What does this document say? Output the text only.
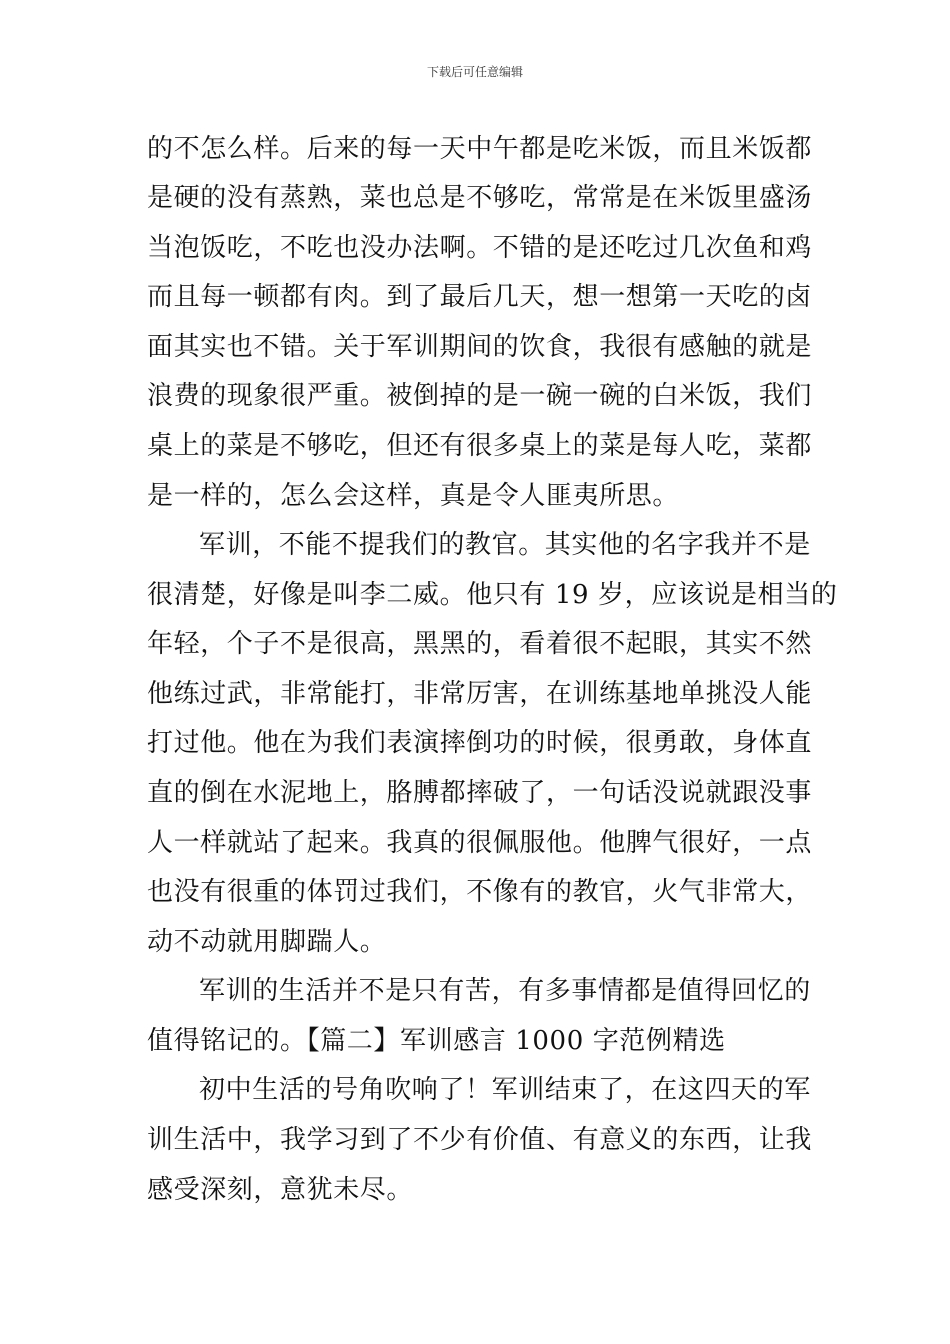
下载后可任意编辑
的不怎么样。后来的每一天中午都是吃米饭，而且米饭都
是硬的没有蒸熟，菜也总是不够吃，常常是在米饭里盛汤
当泡饭吃，不吃也没办法啊。不错的是还吃过几次鱼和鸡
而且每一顿都有肉。到了最后几天，想一想第一天吃的卤
面其实也不错。关于军训期间的饮食，我很有感触的就是
浪费的现象很严重。被倒掉的是一碗一碗的白米饭，我们
桌上的菜是不够吃，但还有很多桌上的菜是每人吃，菜都
是一样的，怎么会这样，真是令人匪夷所思。
军训，不能不提我们的教官。其实他的名字我并不是
很清楚，好像是叫李二威。他只有 19 岁，应该说是相当的
年轻，个子不是很高，黑黑的，看着很不起眼，其实不然
他练过武，非常能打，非常厉害，在训练基地单挑没人能
打过他。他在为我们表演摔倒功的时候，很勇敢，身体直
直的倒在水泥地上，胳膊都摔破了，一句话没说就跟没事
人一样就站了起来。我真的很佩服他。他脾气很好，一点
也没有很重的体罚过我们，不像有的教官，火气非常大，
动不动就用脚踹人。
军训的生活并不是只有苦，有多事情都是值得回忆的
值得铭记的。【篇二】军训感言 1000 字范例精选
初中生活的号角吹响了！军训结束了，在这四天的军
训生活中，我学习到了不少有价值、有意义的东西，让我
感受深刻，意犹未尽。
